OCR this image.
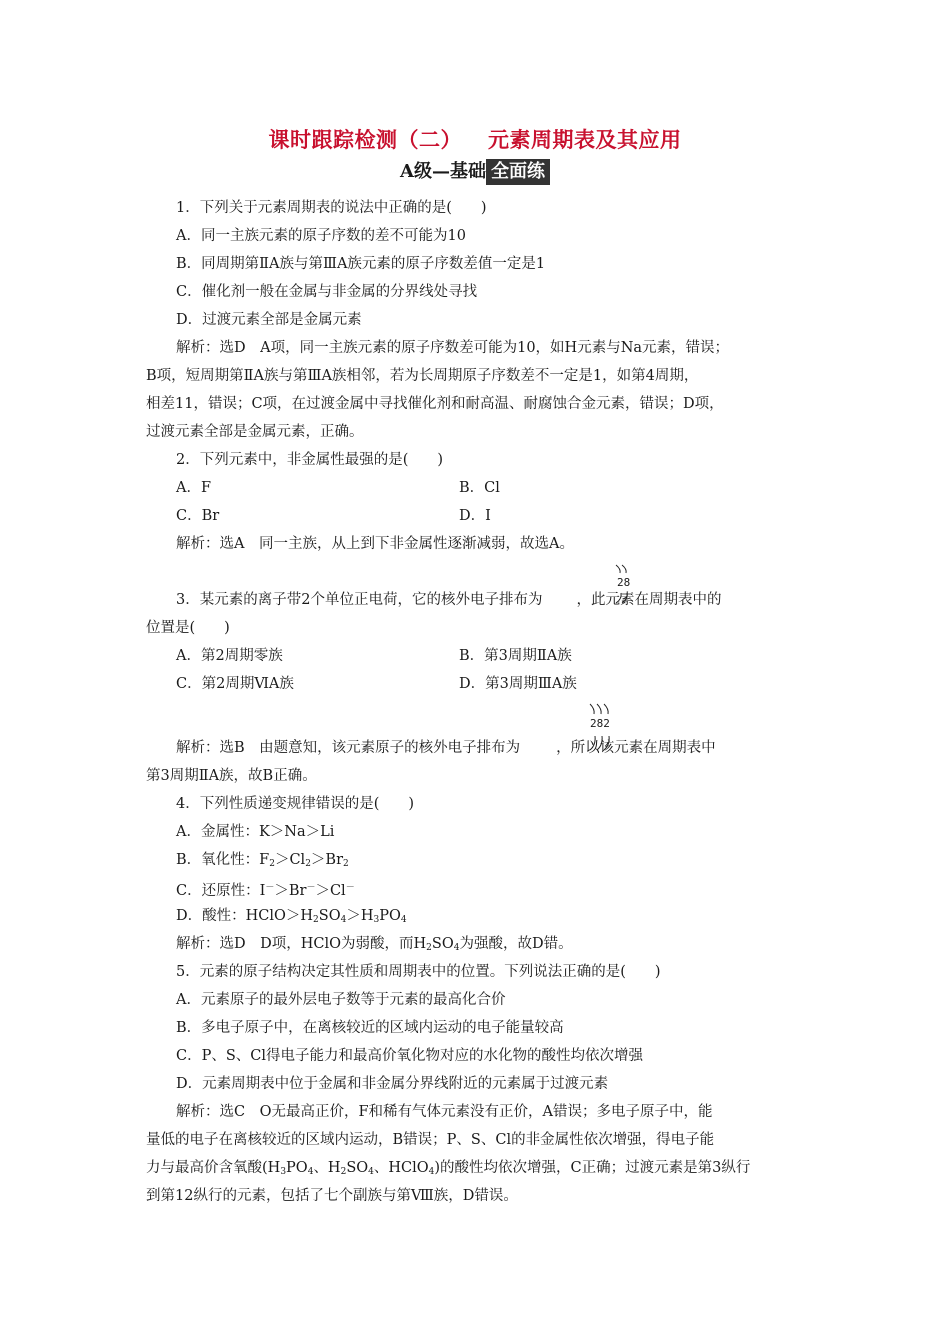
课时跟踪检测（二） 元素周期表及其应用
A级—基础 全面练
1．下列关于元素周期表的说法中正确的是(　　)
A．同一主族元素的原子序数的差不可能为10
B．同周期第ⅡA族与第ⅢA族元素的原子序数差值一定是1
C．催化剂一般在金属与非金属的分界线处寻找
D．过渡元素全部是金属元素
解析：选D　A项，同一主族元素的原子序数差可能为10，如H元素与Na元素，错误；
B项，短周期第ⅡA族与第ⅢA族相邻，若为长周期原子序数差不一定是1，如第4周期，
相差11，错误；C项，在过渡金属中寻找催化剂和耐高温、耐腐蚀合金元素，错误；D项，
过渡元素全部是金属元素，正确。
2．下列元素中，非金属性最强的是(　　)
A．F	B．Cl
C．Br	D．I
解析：选A　同一主族，从上到下非金属性逐渐减弱，故选A。
3．某元素的离子带2个单位正电荷，它的核外电子排布为 ，此元素在周期表中的
28
位置是(　　)
A．第2周期零族	B．第3周期ⅡA族
C．第2周期ⅥA族	D．第3周期ⅢA族
解析：选B　由题意知，该元素原子的核外电子排布为 ，所以该元素在周期表中
282
第3周期ⅡA族，故B正确。
4．下列性质递变规律错误的是(　　)
A．金属性：K＞Na＞Li
B．氧化性：$F_2>Cl_2>Br_2$
C．还原性：I－＞Br－＞Cl－
D．酸性：$HClO>H_2SO_4>H_3PO_4$
解析：选D　D项，HClO为弱酸，而$H_2SO_4$为强酸，故D错。
5．元素的原子结构决定其性质和周期表中的位置。下列说法正确的是(　　)
A．元素原子的最外层电子数等于元素的最高化合价
B．多电子原子中，在离核较近的区域内运动的电子能量较高
C．P、S、Cl得电子能力和最高价氧化物对应的水化物的酸性均依次增强
D．元素周期表中位于金属和非金属分界线附近的元素属于过渡元素
解析：选C　O无最高正价，F和稀有气体元素没有正价，A错误；多电子原子中，能
量低的电子在离核较近的区域内运动，B错误；P、S、Cl的非金属性依次增强，得电子能
力与最高价含氧酸($H_3PO_4$、$H_2SO_4$、HClO$_4$)的酸性均依次增强，C正确；过渡元素是第3纵行
到第12纵行的元素，包括了七个副族与第Ⅷ族，D错误。
